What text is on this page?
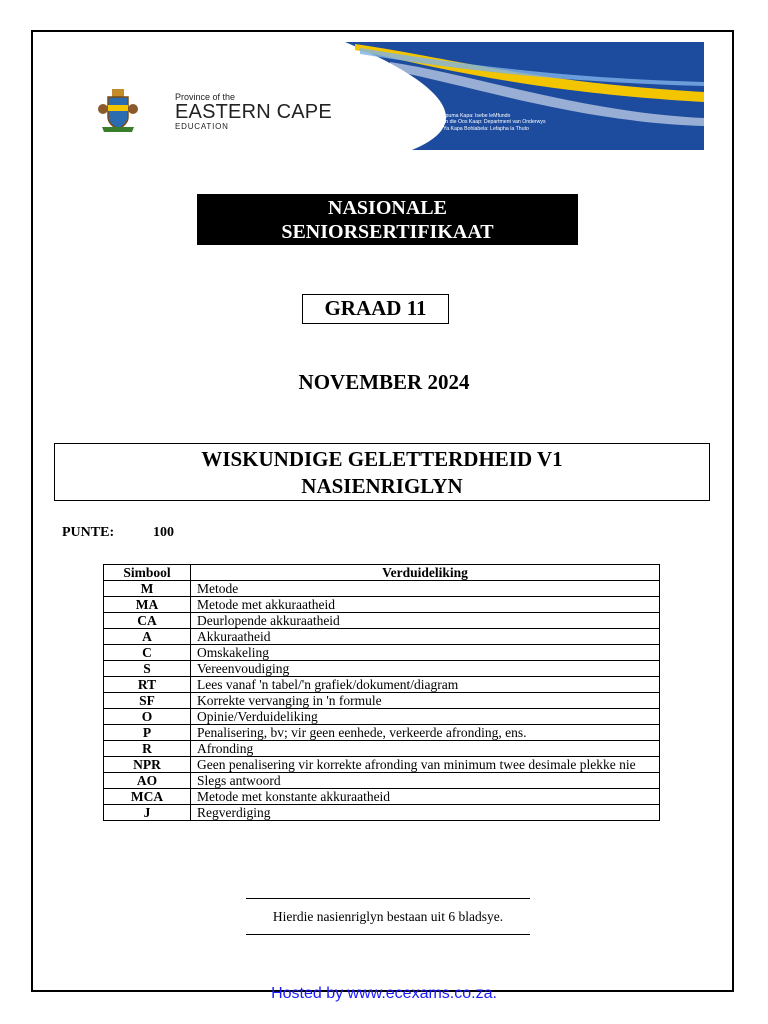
Province of the
EASTERN CAPE
EDUCATION
Iphondo leMpuma Kapa: Isebe leMfundo
Provinsie van die Oos Kaap: Department van Onderwys
Porafensie Ya Kapa Bohlabela: Lefapha la Thuto
NASIONALE
SENIORSERTIFIKAAT
GRAAD 11
NOVEMBER 2024
WISKUNDIGE GELETTERDHEID V1
NASIENRIGLYN
PUNTE:	100
Simbool	Verduideliking
M	Metode
MA	Metode met akkuraatheid
CA	Deurlopende akkuraatheid
A	Akkuraatheid
C	Omskakeling
S	Vereenvoudiging
RT	Lees vanaf 'n tabel/'n grafiek/dokument/diagram
SF	Korrekte vervanging in 'n formule
O	Opinie/Verduideliking
P	Penalisering, bv; vir geen eenhede, verkeerde afronding, ens.
R	Afronding
NPR	Geen penalisering vir korrekte afronding van minimum twee desimale plekke nie
AO	Slegs antwoord
MCA	Metode met konstante akkuraatheid
J	Regverdiging
Hierdie nasienriglyn bestaan uit 6 bladsye.
Hosted by www.ecexams.co.za.
